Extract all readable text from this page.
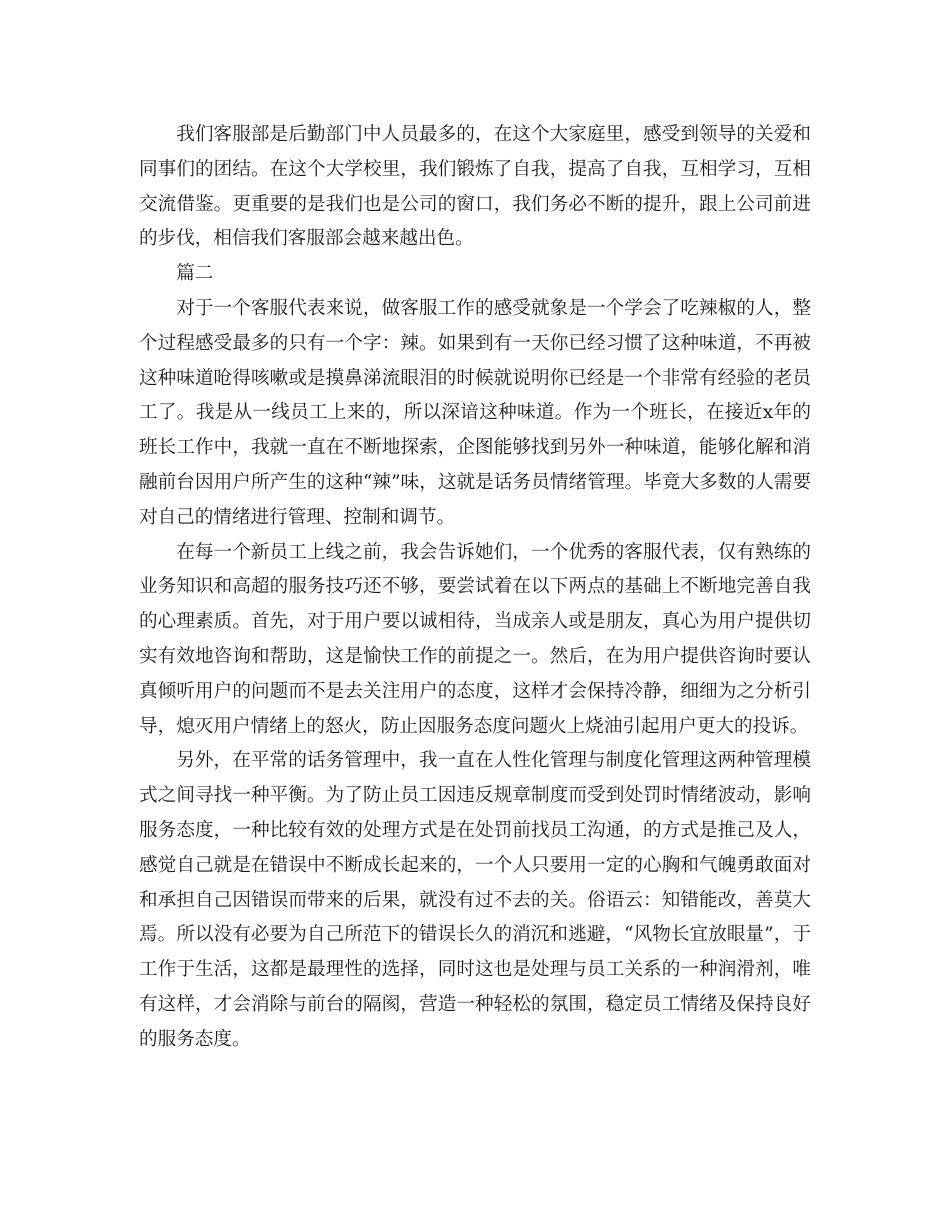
我们客服部是后勤部门中人员最多的，在这个大家庭里，感受到领导的关爱和同事们的团结。在这个大学校里，我们锻炼了自我，提高了自我，互相学习，互相交流借鉴。更重要的是我们也是公司的窗口，我们务必不断的提升，跟上公司前进的步伐，相信我们客服部会越来越出色。

篇二

对于一个客服代表来说，做客服工作的感受就象是一个学会了吃辣椒的人，整个过程感受最多的只有一个字：辣。如果到有一天你已经习惯了这种味道，不再被这种味道呛得咳嗽或是摸鼻涕流眼泪的时候就说明你已经是一个非常有经验的老员工了。我是从一线员工上来的，所以深谙这种味道。作为一个班长，在接近x年的班长工作中，我就一直在不断地探索，企图能够找到另外一种味道，能够化解和消融前台因用户所产生的这种“辣”味，这就是话务员情绪管理。毕竟大多数的人需要对自己的情绪进行管理、控制和调节。

在每一个新员工上线之前，我会告诉她们，一个优秀的客服代表，仅有熟练的业务知识和高超的服务技巧还不够，要尝试着在以下两点的基础上不断地完善自我的心理素质。首先，对于用户要以诚相待，当成亲人或是朋友，真心为用户提供切实有效地咨询和帮助，这是愉快工作的前提之一。然后，在为用户提供咨询时要认真倾听用户的问题而不是去关注用户的态度，这样才会保持冷静，细细为之分析引导，熄灭用户情绪上的怒火，防止因服务态度问题火上烧油引起用户更大的投诉。

另外，在平常的话务管理中，我一直在人性化管理与制度化管理这两种管理模式之间寻找一种平衡。为了防止员工因违反规章制度而受到处罚时情绪波动，影响服务态度，一种比较有效的处理方式是在处罚前找员工沟通，的方式是推己及人，感觉自己就是在错误中不断成长起来的，一个人只要用一定的心胸和气魄勇敢面对和承担自己因错误而带来的后果，就没有过不去的关。俗语云：知错能改，善莫大焉。所以没有必要为自己所范下的错误长久的消沉和逃避，“风物长宜放眼量”，于工作于生活，这都是最理性的选择，同时这也是处理与员工关系的一种润滑剂，唯有这样，才会消除与前台的隔阂，营造一种轻松的氛围，稳定员工情绪及保持良好的服务态度。
